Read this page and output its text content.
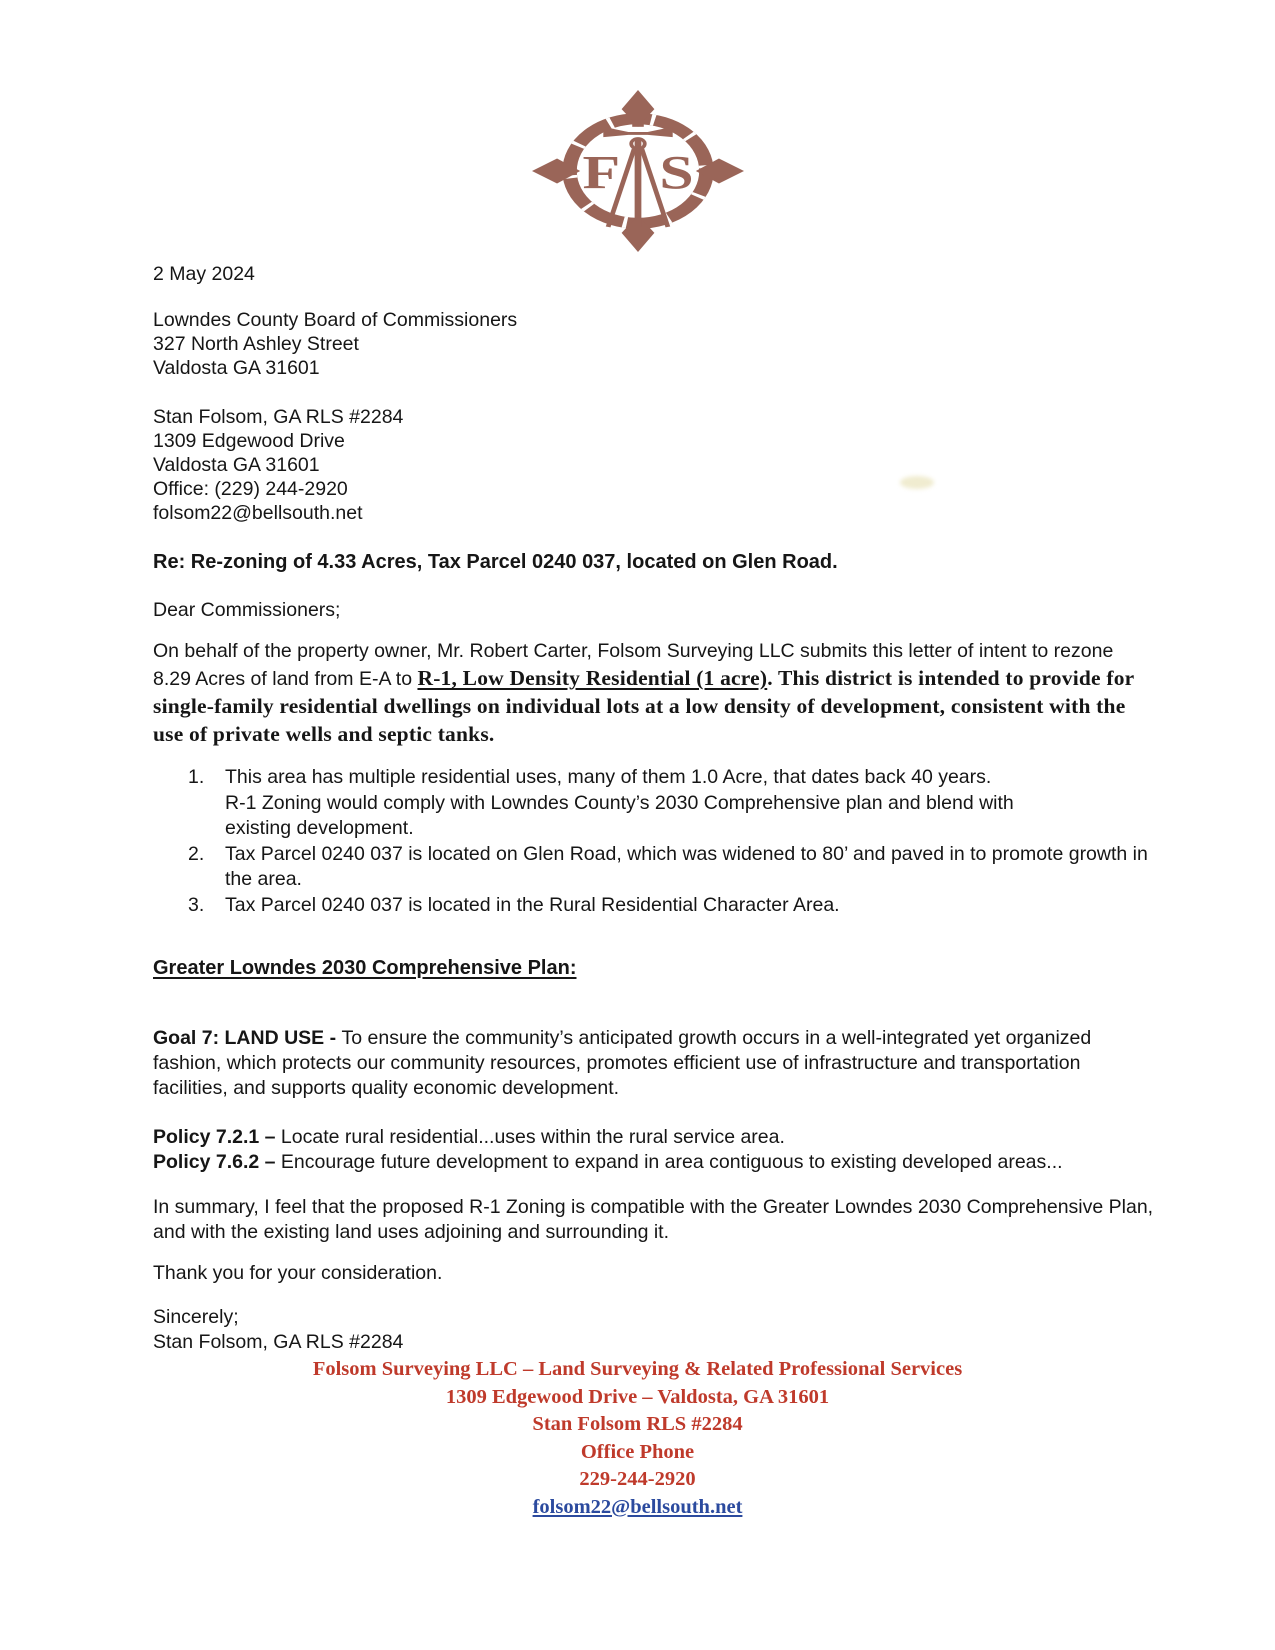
F S
2 May 2024
Lowndes County Board of Commissioners
327 North Ashley Street
Valdosta GA 31601
Stan Folsom, GA RLS #2284
1309 Edgewood Drive
Valdosta GA 31601
Office: (229) 244-2920
folsom22@bellsouth.net
Re: Re-zoning of 4.33 Acres, Tax Parcel 0240 037, located on Glen Road.
Dear Commissioners;

On behalf of the property owner, Mr. Robert Carter, Folsom Surveying LLC submits this letter of intent to rezone 8.29 Acres of land from E-A to R-1, Low Density Residential (1 acre). This district is intended to provide for single-family residential dwellings on individual lots at a low density of development, consistent with the use of private wells and septic tanks.

1.	This area has multiple residential uses, many of them 1.0 Acre, that dates back 40 years.
R-1 Zoning would comply with Lowndes County’s 2030 Comprehensive plan and blend with
existing development.
2.	Tax Parcel 0240 037 is located on Glen Road, which was widened to 80’ and paved in to promote growth in the area.
3.	Tax Parcel 0240 037 is located in the Rural Residential Character Area.
Greater Lowndes 2030 Comprehensive Plan:

Goal 7: LAND USE - To ensure the community’s anticipated growth occurs in a well-integrated yet organized fashion, which protects our community resources, promotes efficient use of infrastructure and transportation facilities, and supports quality economic development.

Policy 7.2.1 – Locate rural residential...uses within the rural service area.
Policy 7.6.2 – Encourage future development to expand in area contiguous to existing developed areas...

In summary, I feel that the proposed R-1 Zoning is compatible with the Greater Lowndes 2030 Comprehensive Plan, and with the existing land uses adjoining and surrounding it.

Thank you for your consideration.

Sincerely;
Stan Folsom, GA RLS #2284
Folsom Surveying LLC – Land Surveying & Related Professional Services
1309 Edgewood Drive – Valdosta, GA 31601
Stan Folsom RLS #2284
Office Phone
229-244-2920
folsom22@bellsouth.net
